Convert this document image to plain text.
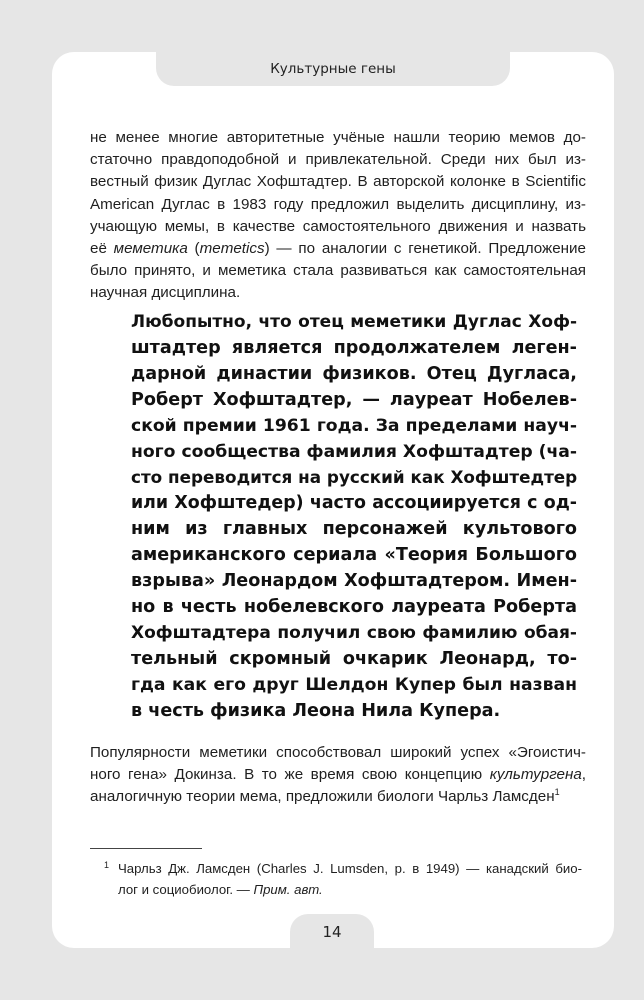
Культурные гены

не менее многие авторитетные учёные нашли теорию мемов до-
статочно правдоподобной и привлекательной. Среди них был из-
вестный физик Дуглас Хофштадтер. В авторской колонке в Scientific
American Дуглас в 1983 году предложил выделить дисциплину, из-
учающую мемы, в качестве самостоятельного движения и назвать
её меметика (memetics) — по аналогии с генетикой. Предложение
было принято, и меметика стала развиваться как самостоятельная
научная дисциплина.

Любопытно, что отец меметики Дуглас Хоф-
штадтер является продолжателем леген-
дарной династии физиков. Отец Дугласа,
Роберт Хофштадтер, — лауреат Нобелев-
ской премии 1961 года. За пределами науч-
ного сообщества фамилия Хофштадтер (ча-
сто переводится на русский как Хофштедтер
или Хофштедер) часто ассоциируется с од-
ним из главных персонажей культового
американского сериала «Теория Большого
взрыва» Леонардом Хофштадтером. Имен-
но в честь нобелевского лауреата Роберта
Хофштадтера получил свою фамилию обая-
тельный скромный очкарик Леонард, то-
гда как его друг Шелдон Купер был назван
в честь физика Леона Нила Купера.

Популярности меметики способствовал широкий успех «Эгоистич-
ного гена» Докинза. В то же время свою концепцию культургена,
аналогичную теории мема, предложили биологи Чарльз Ламсден$^1$

1 Чарльз Дж. Ламсден (Charles J. Lumsden, р. в 1949) — канадский био-
лог и социобиолог. — Прим. авт.
14
